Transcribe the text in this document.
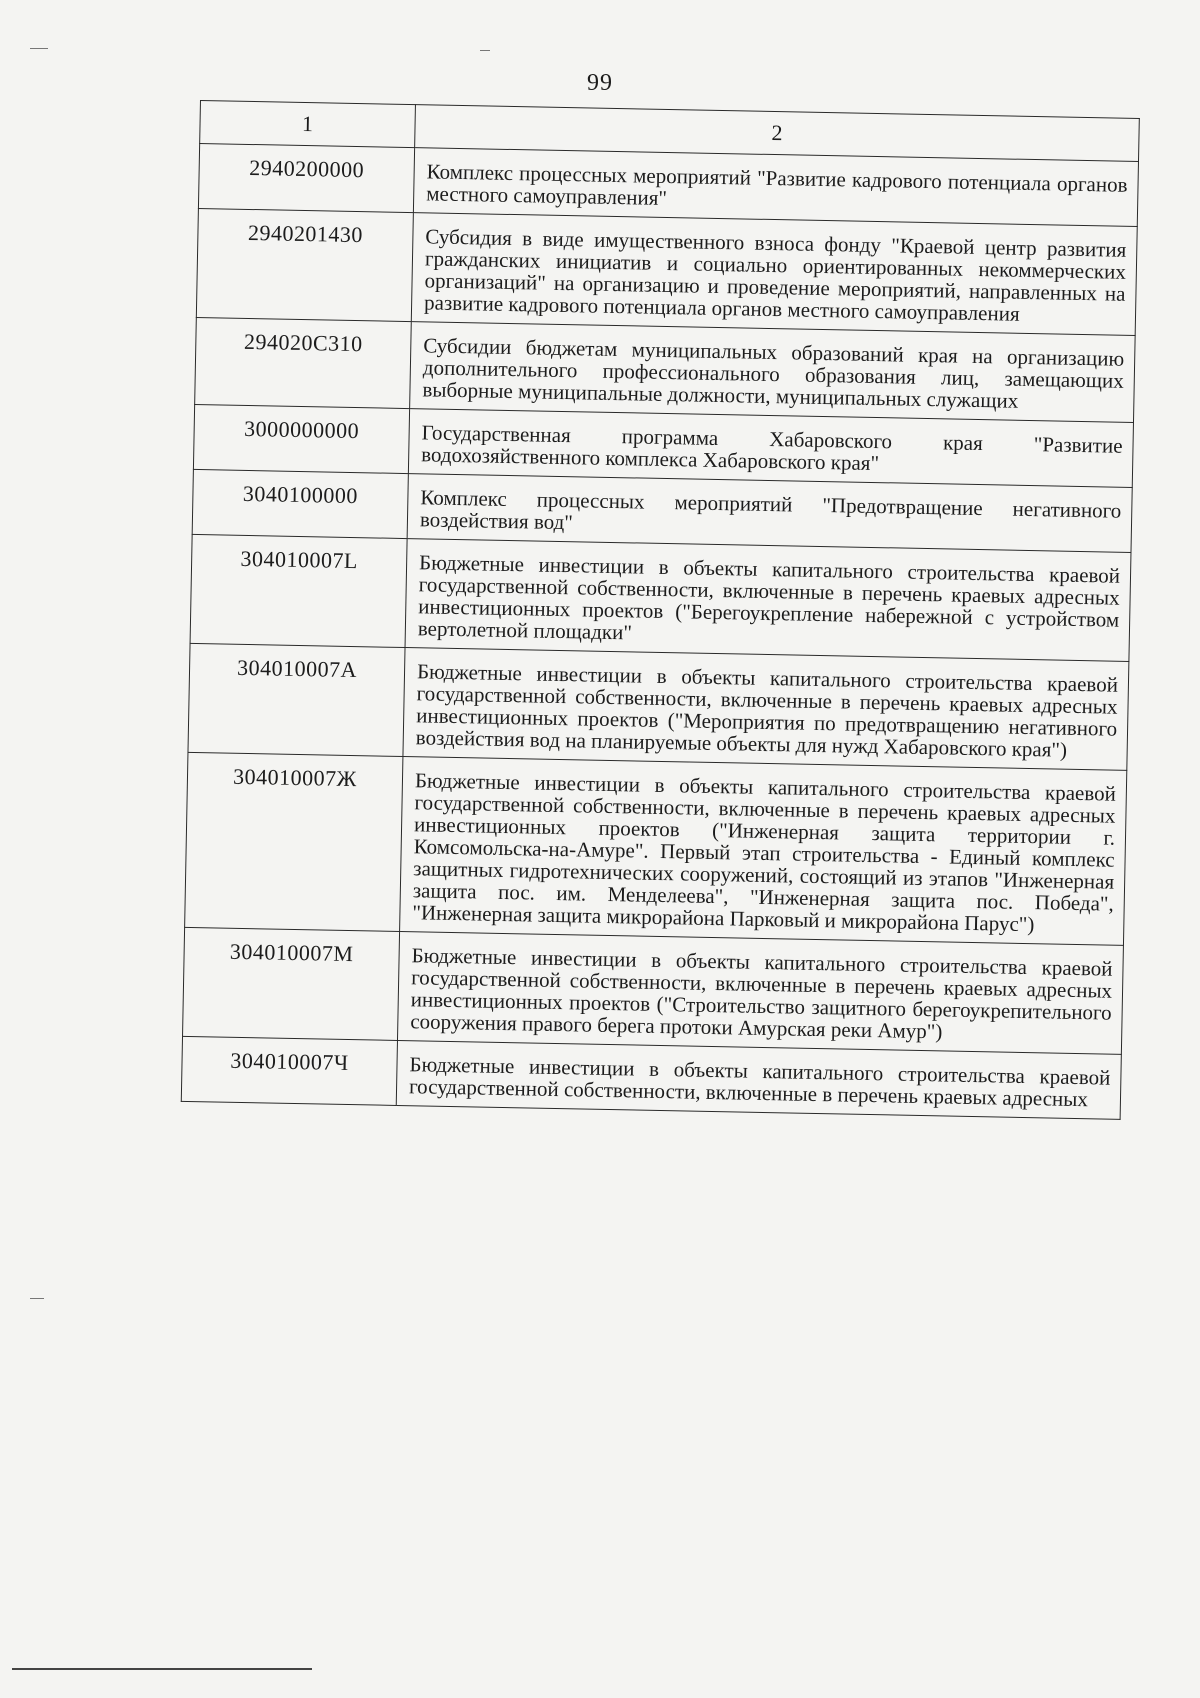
99
1	2
2940200000	Комплекс процессных мероприятий "Развитие кадрового потенциала органов местного самоуправления"
2940201430	Субсидия в виде имущественного взноса фонду "Краевой центр развития гражданских инициатив и социально ориентированных некоммерческих организаций" на организацию и проведение мероприятий, направленных на развитие кадрового потенциала органов местного самоуправления
294020С310	Субсидии бюджетам муниципальных образований края на организацию дополнительного профессионального образования лиц, замещающих выборные муниципальные должности, муниципальных служащих
3000000000	Государственная программа Хабаровского края "Развитие водохозяйственного комплекса Хабаровского края"
3040100000	Комплекс процессных мероприятий "Предотвращение негативного воздействия вод"
304010007L	Бюджетные инвестиции в объекты капитального строительства краевой государственной собственности, включенные в перечень краевых адресных инвестиционных проектов ("Берегоукрепление набережной с устройством вертолетной площадки"
304010007А	Бюджетные инвестиции в объекты капитального строительства краевой государственной собственности, включенные в перечень краевых адресных инвестиционных проектов ("Мероприятия по предотвращению негативного воздействия вод на планируемые объекты для нужд Хабаровского края")
304010007Ж	Бюджетные инвестиции в объекты капитального строительства краевой государственной собственности, включенные в перечень краевых адресных инвестиционных проектов ("Инженерная защита территории г. Комсомольска-на-Амуре". Первый этап строительства - Единый комплекс защитных гидротехнических сооружений, состоящий из этапов "Инженерная защита пос. им. Менделеева", "Инженерная защита пос. Победа", "Инженерная защита микрорайона Парковый и микрорайона Парус")
304010007М	Бюджетные инвестиции в объекты капитального строительства краевой государственной собственности, включенные в перечень краевых адресных инвестиционных проектов ("Строительство защитного берегоукрепительного сооружения правого берега протоки Амурская реки Амур")
304010007Ч	Бюджетные инвестиции в объекты капитального строительства краевой государственной собственности, включенные в перечень краевых адресных
